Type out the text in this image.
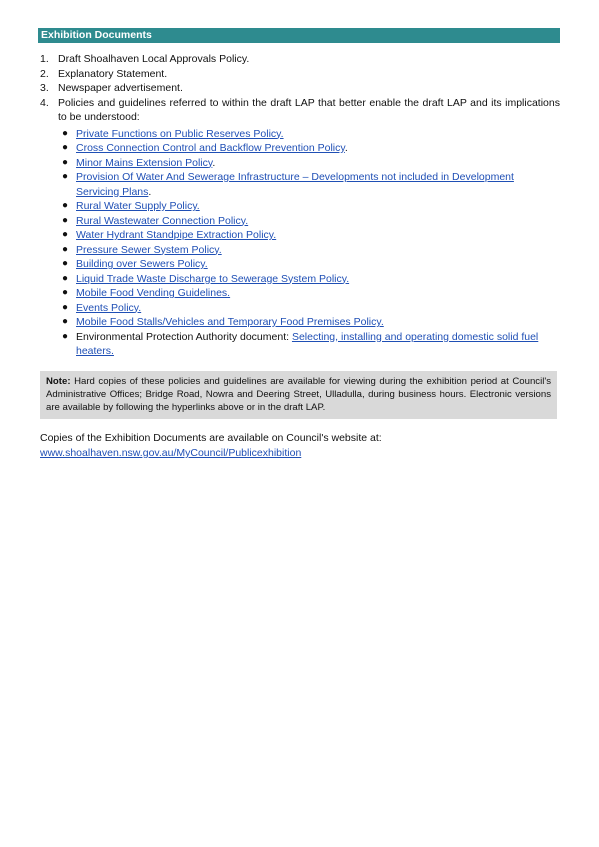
Exhibition Documents
1. Draft Shoalhaven Local Approvals Policy.
2. Explanatory Statement.
3. Newspaper advertisement.
4. Policies and guidelines referred to within the draft LAP that better enable the draft LAP and its implications to be understood:
● Private Functions on Public Reserves Policy.
● Cross Connection Control and Backflow Prevention Policy.
● Minor Mains Extension Policy.
● Provision Of Water And Sewerage Infrastructure – Developments not included in Development Servicing Plans.
● Rural Water Supply Policy.
● Rural Wastewater Connection Policy.
● Water Hydrant Standpipe Extraction Policy.
● Pressure Sewer System Policy.
● Building over Sewers Policy.
● Liquid Trade Waste Discharge to Sewerage System Policy.
● Mobile Food Vending Guidelines.
● Events Policy.
● Mobile Food Stalls/Vehicles and Temporary Food Premises Policy.
● Environmental Protection Authority document: Selecting, installing and operating domestic solid fuel heaters.
Note: Hard copies of these policies and guidelines are available for viewing during the exhibition period at Council's Administrative Offices; Bridge Road, Nowra and Deering Street, Ulladulla, during business hours. Electronic versions are available by following the hyperlinks above or in the draft LAP.
Copies of the Exhibition Documents are available on Council's website at:
www.shoalhaven.nsw.gov.au/MyCouncil/Publicexhibition
